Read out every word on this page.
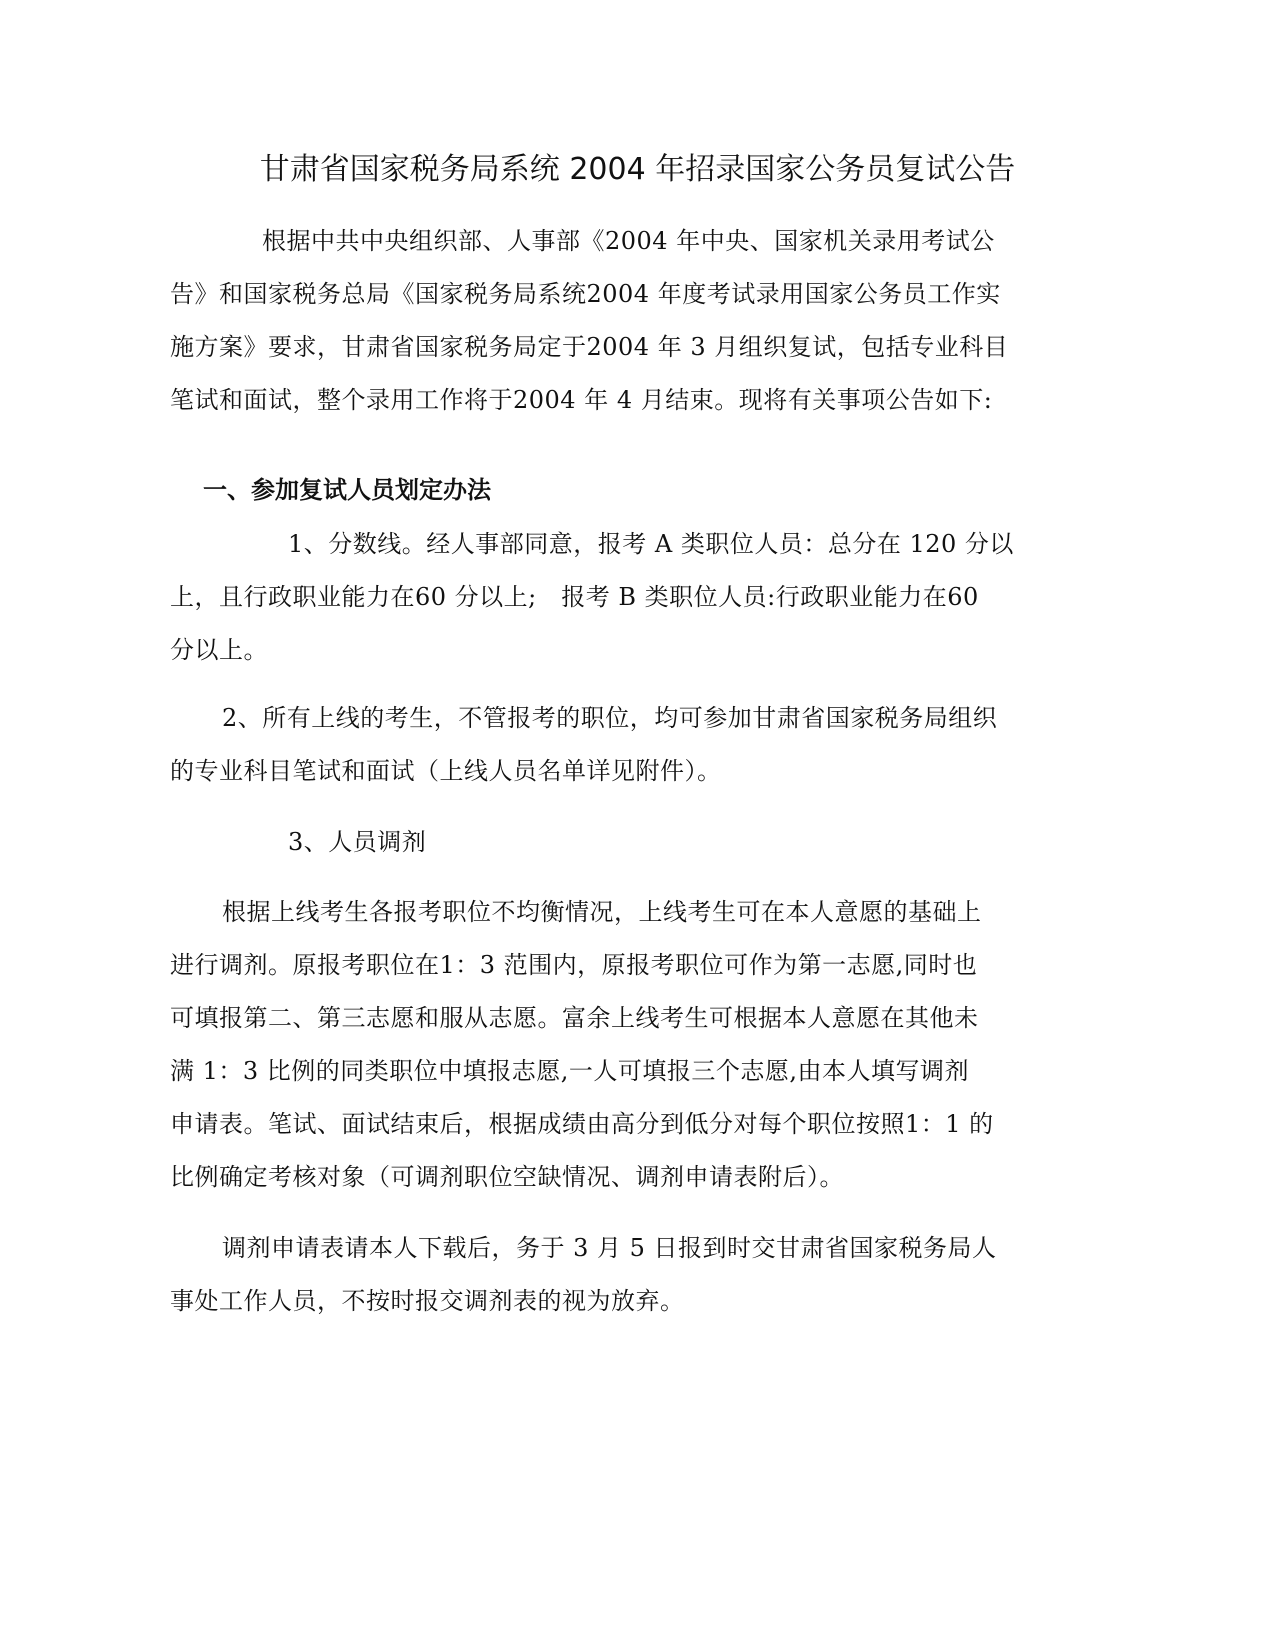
甘肃省国家税务局系统 2004 年招录国家公务员复试公告
根据中共中央组织部、人事部《2004 年中央、国家机关录用考试公
告》和国家税务总局《国家税务局系统2004 年度考试录用国家公务员工作实
施方案》要求，甘肃省国家税务局定于2004 年 3 月组织复试，包括专业科目
笔试和面试，整个录用工作将于2004 年 4 月结束。现将有关事项公告如下:
一、参加复试人员划定办法
1、分数线。经人事部同意，报考 A 类职位人员：总分在 120 分以
上，且行政职业能力在60 分以上;　报考 B 类职位人员:行政职业能力在60
分以上。
2、所有上线的考生，不管报考的职位，均可参加甘肃省国家税务局组织
的专业科目笔试和面试（上线人员名单详见附件）。
3、人员调剂
根据上线考生各报考职位不均衡情况，上线考生可在本人意愿的基础上
进行调剂。原报考职位在1：3 范围内，原报考职位可作为第一志愿,同时也
可填报第二、第三志愿和服从志愿。富余上线考生可根据本人意愿在其他未
满 1：3 比例的同类职位中填报志愿,一人可填报三个志愿,由本人填写调剂
申请表。笔试、面试结束后，根据成绩由高分到低分对每个职位按照1：1 的
比例确定考核对象（可调剂职位空缺情况、调剂申请表附后）。
调剂申请表请本人下载后，务于 3 月 5 日报到时交甘肃省国家税务局人
事处工作人员，不按时报交调剂表的视为放弃。
